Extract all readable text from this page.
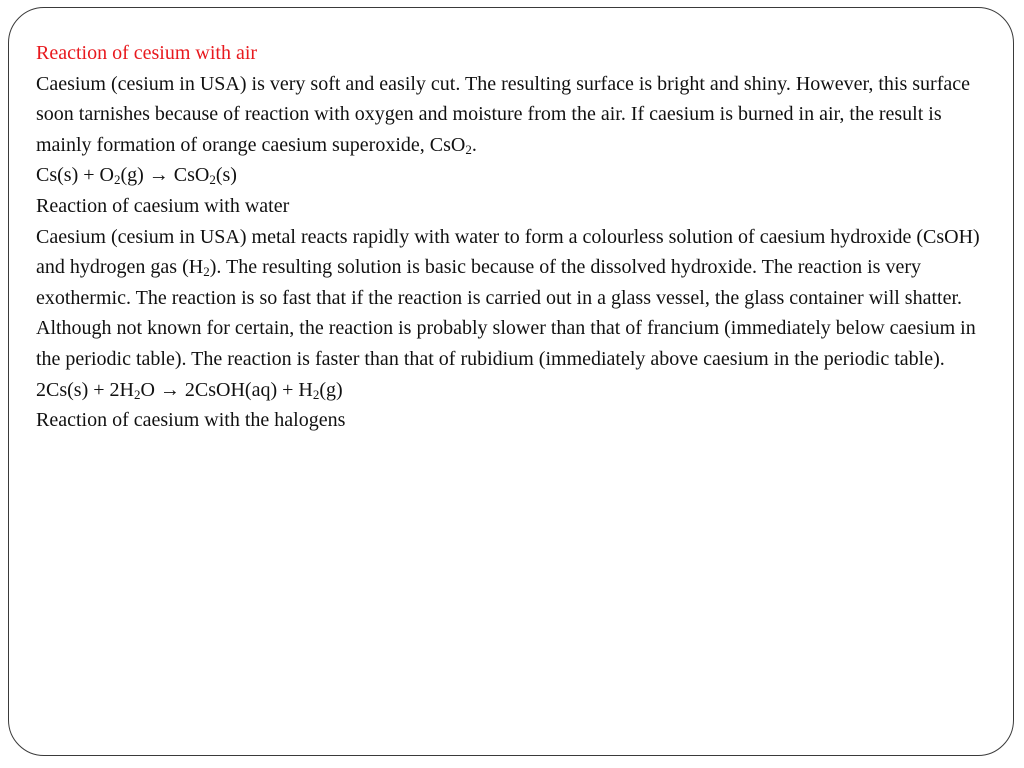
Reaction of cesium with air

Caesium (cesium in USA) is very soft and easily cut. The resulting surface is bright and shiny. However, this surface soon tarnishes because of reaction with oxygen and moisture from the air. If caesium is burned in air, the result is mainly formation of orange caesium superoxide, CsO$_2$.

$Cs(s) + O_2(g) \to CsO_2(s)$

Reaction of caesium with water

Caesium (cesium in USA) metal reacts rapidly with water to form a colourless solution of caesium hydroxide (CsOH) and hydrogen gas $(H_2)$. The resulting solution is basic because of the dissolved hydroxide. The reaction is very exothermic. The reaction is so fast that if the reaction is carried out in a glass vessel, the glass container will shatter. Although not known for certain, the reaction is probably slower than that of francium (immediately below caesium in the periodic table). The reaction is faster than that of rubidium (immediately above caesium in the periodic table).

$2Cs(s) + 2H_2O$ → 2CsOH(aq) + $H_2(g)$

Reaction of caesium with the halogens
